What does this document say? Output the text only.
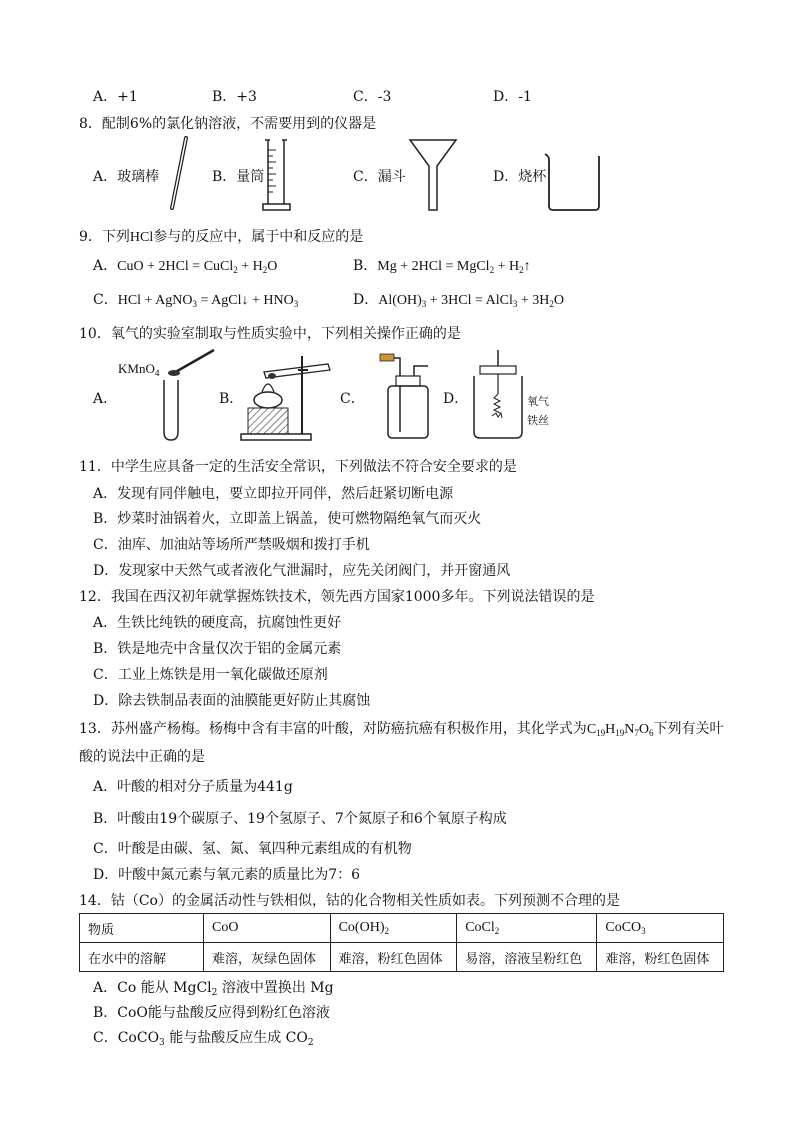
A．+1	B．+3	C．-3	D．-1
8．配制6%的氯化钠溶液，不需要用到的仪器是
A．玻璃棒	B．量筒	C．漏斗	D．烧杯
9．下列HCl参与的反应中，属于中和反应的是
A．CuO + 2HCl = CuCl$_2$ + $H_2O$	B．Mg + 2HCl = MgCl$_2$ + $H_2↑$
C．HCl + AgNO$_3$ = AgCl↓ + $HNO_3$	D．$Al(OH)_3 + 3HCl$ = AlCl$_3$ + $3H_2O$
10．氧气的实验室制取与性质实验中，下列相关操作正确的是
A．	B．	C．	D．
KMnO$_4$
氧气
铁丝
11．中学生应具备一定的生活安全常识，下列做法不符合安全要求的是
A．发现有同伴触电，要立即拉开同伴，然后赶紧切断电源
B．炒菜时油锅着火，立即盖上锅盖，使可燃物隔绝氧气而灭火
C．油库、加油站等场所严禁吸烟和拨打手机
D．发现家中天然气或者液化气泄漏时，应先关闭阀门，并开窗通风
12．我国在西汉初年就掌握炼铁技术，领先西方国家1000多年。下列说法错误的是
A．生铁比纯铁的硬度高，抗腐蚀性更好
B．铁是地壳中含量仅次于铝的金属元素
C．工业上炼铁是用一氧化碳做还原剂
D．除去铁制品表面的油膜能更好防止其腐蚀
13．苏州盛产杨梅。杨梅中含有丰富的叶酸，对防癌抗癌有积极作用，其化学式为$C_{19}H_{19}N_7O_6$下列有关叶
酸的说法中正确的是
A．叶酸的相对分子质量为441g
B．叶酸由19个碳原子、19个氢原子、7个氮原子和6个氧原子构成
C．叶酸是由碳、氢、氮、氧四种元素组成的有机物
D．叶酸中氮元素与氧元素的质量比为7：6
14．钴（Co）的金属活动性与铁相似，钴的化合物相关性质如表。下列预测不合理的是
物质	CoO	$Co(OH)_2$	CoCl$_2$	CoCO$_3$
在水中的溶解	难溶，灰绿色固体	难溶，粉红色固体	易溶，溶液呈粉红色	难溶，粉红色固体
A．Co 能从 MgCl$_2$ 溶液中置换出 Mg
B．CoO能与盐酸反应得到粉红色溶液
C．CoCO$_3$ 能与盐酸反应生成 $CO_2$
